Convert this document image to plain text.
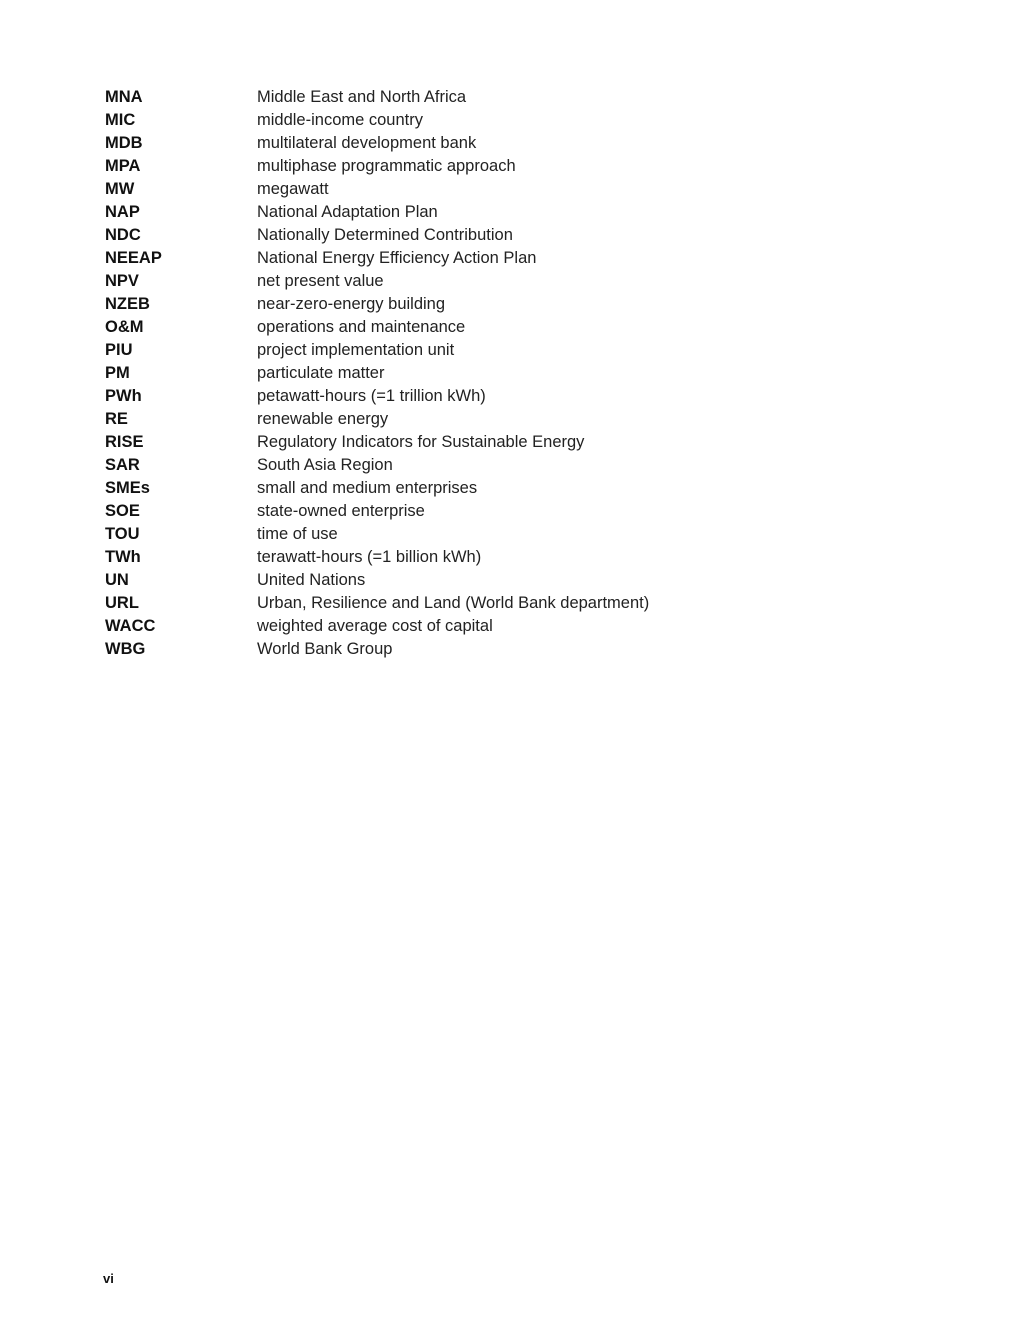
MNA	Middle East and North Africa
MIC	middle-income country
MDB	multilateral development bank
MPA	multiphase programmatic approach
MW	megawatt
NAP	National Adaptation Plan
NDC	Nationally Determined Contribution
NEEAP	National Energy Efficiency Action Plan
NPV	net present value
NZEB	near-zero-energy building
O&M	operations and maintenance
PIU	project implementation unit
PM	particulate matter
PWh	petawatt-hours (=1 trillion kWh)
RE	renewable energy
RISE	Regulatory Indicators for Sustainable Energy
SAR	South Asia Region
SMEs	small and medium enterprises
SOE	state-owned enterprise
TOU	time of use
TWh	terawatt-hours (=1 billion kWh)
UN	United Nations
URL	Urban, Resilience and Land (World Bank department)
WACC	weighted average cost of capital
WBG	World Bank Group
vi
